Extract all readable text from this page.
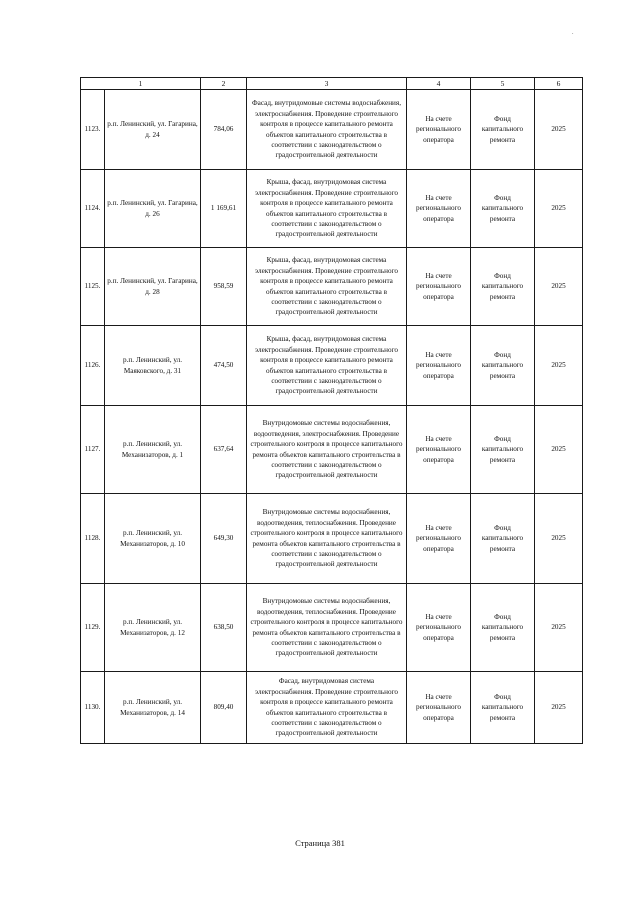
.
1		2	3	4	5	6
1123.	р.п. Ленинский, ул. Гагарина, д. 24	784,06	Фасад, внутридомовые системы водоснабжения, электроснабжения. Проведение строительного контроля в процессе капитального ремонта объектов капитального строительства в соответствии с законодательством о градостроительной деятельности	На счете регионального оператора	Фонд капитального ремонта	2025
1124.	р.п. Ленинский, ул. Гагарина, д. 26	1 169,61	Крыша, фасад, внутридомовая система электроснабжения. Проведение строительного контроля в процессе капитального ремонта объектов капитального строительства в соответствии с законодательством о градостроительной деятельности	На счете регионального оператора	Фонд капитального ремонта	2025
1125.	р.п. Ленинский, ул. Гагарина, д. 28	958,59	Крыша, фасад, внутридомовая система электроснабжения. Проведение строительного контроля в процессе капитального ремонта объектов капитального строительства в соответствии с законодательством о градостроительной деятельности	На счете регионального оператора	Фонд капитального ремонта	2025
1126.	р.п. Ленинский, ул. Маяковского, д. 31	474,50	Крыша, фасад, внутридомовая система электроснабжения. Проведение строительного контроля в процессе капитального ремонта объектов капитального строительства в соответствии с законодательством о градостроительной деятельности	На счете регионального оператора	Фонд капитального ремонта	2025
1127.	р.п. Ленинский, ул. Механизаторов, д. 1	637,64	Внутридомовые системы водоснабжения, водоотведения, электроснабжения. Проведение строительного контроля в процессе капитального ремонта объектов капитального строительства в соответствии с законодательством о градостроительной деятельности	На счете регионального оператора	Фонд капитального ремонта	2025
1128.	р.п. Ленинский, ул. Механизаторов, д. 10	649,30	Внутридомовые системы водоснабжения, водоотведения, теплоснабжения. Проведение строительного контроля в процессе капитального ремонта объектов капитального строительства в соответствии с законодательством о градостроительной деятельности	На счете регионального оператора	Фонд капитального ремонта	2025
1129.	р.п. Ленинский, ул. Механизаторов, д. 12	638,50	Внутридомовые системы водоснабжения, водоотведения, теплоснабжения. Проведение строительного контроля в процессе капитального ремонта объектов капитального строительства в соответствии с законодательством о градостроительной деятельности	На счете регионального оператора	Фонд капитального ремонта	2025
1130.	р.п. Ленинский, ул. Механизаторов, д. 14	809,40	Фасад, внутридомовая система электроснабжения. Проведение строительного контроля в процессе капитального ремонта объектов капитального строительства в соответствии с законодательством о градостроительной деятельности	На счете регионального оператора	Фонд капитального ремонта	2025
Страница 381
